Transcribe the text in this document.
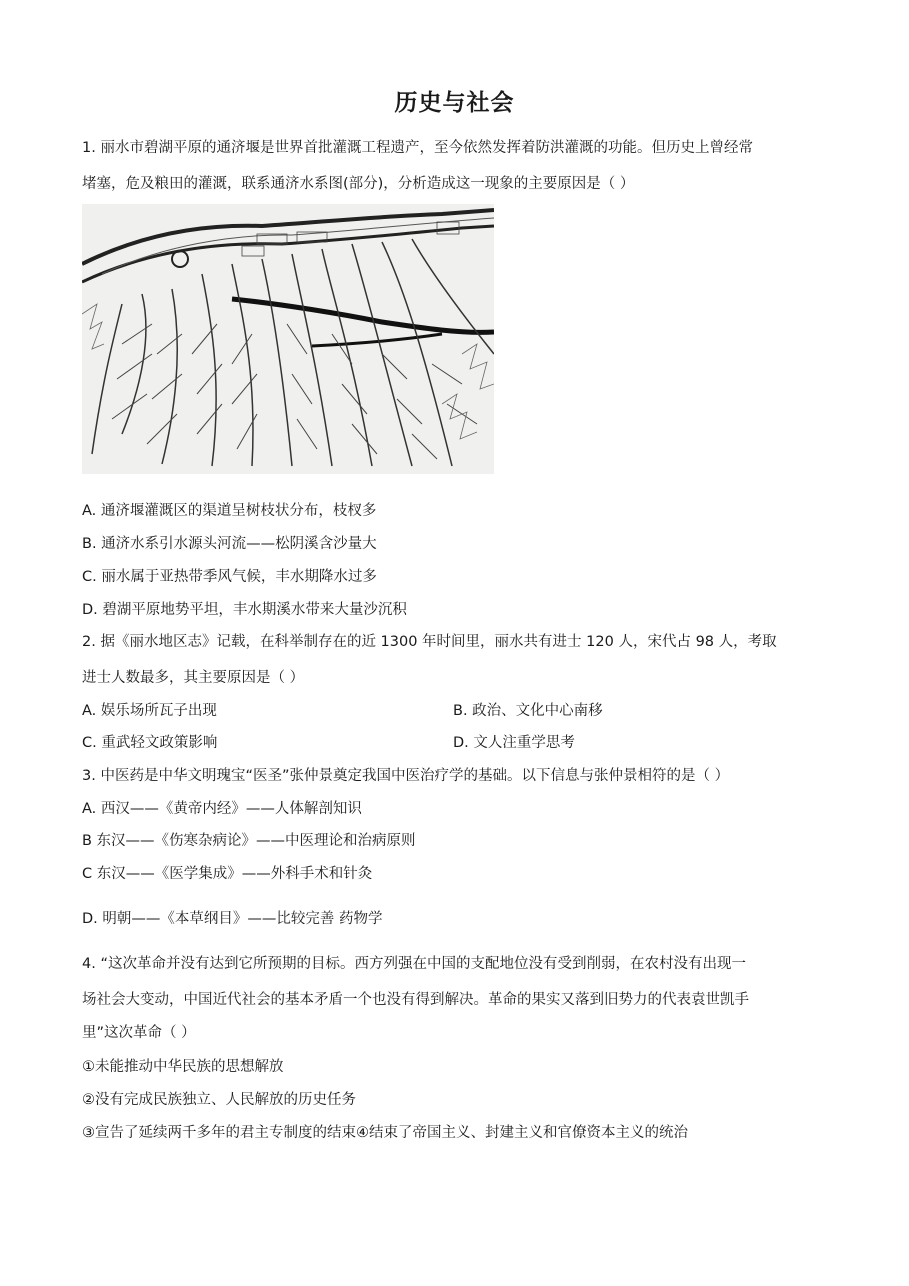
历史与社会
1. 丽水市碧湖平原的通济堰是世界首批灌溉工程遗产，至今依然发挥着防洪灌溉的功能。但历史上曾经常
堵塞，危及粮田的灌溉，联系通济水系图(部分)，分析造成这一现象的主要原因是（ ）
A. 通济堰灌溉区的渠道呈树枝状分布，枝杈多
B. 通济水系引水源头河流——松阴溪含沙量大
C. 丽水属于亚热带季风气候，丰水期降水过多
D. 碧湖平原地势平坦，丰水期溪水带来大量沙沉积
2. 据《丽水地区志》记载，在科举制存在的近 1300 年时间里，丽水共有进士 120 人，宋代占 98 人，考取
进士人数最多，其主要原因是（ ）
A. 娱乐场所瓦子出现	B. 政治、文化中心南移
C. 重武轻文政策影响	D. 文人注重学思考
3. 中医药是中华文明瑰宝“医圣”张仲景奠定我国中医治疗学的基础。以下信息与张仲景相符的是（ ）
A. 西汉——《黄帝内经》——人体解剖知识
B 东汉——《伤寒杂病论》——中医理论和治病原则
C 东汉——《医学集成》——外科手术和针灸
D. 明朝——《本草纲目》——比较完善 药物学
4. “这次革命并没有达到它所预期的目标。西方列强在中国的支配地位没有受到削弱，在农村没有出现一
场社会大变动，中国近代社会的基本矛盾一个也没有得到解决。革命的果实又落到旧势力的代表袁世凯手
里”这次革命（ ）
①未能推动中华民族的思想解放
②没有完成民族独立、人民解放的历史任务
③宣告了延续两千多年的君主专制度的结束④结束了帝国主义、封建主义和官僚资本主义的统治
